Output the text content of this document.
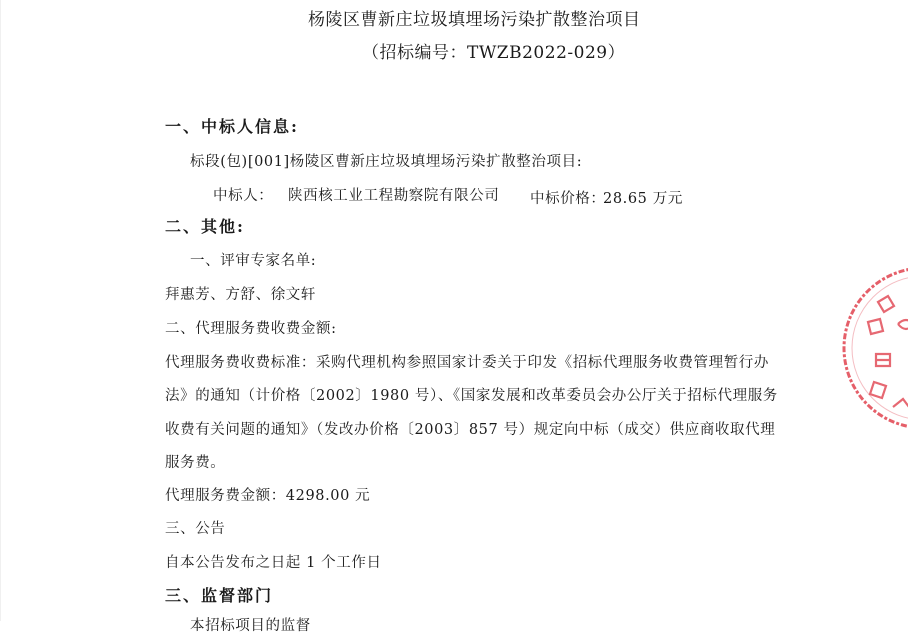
杨陵区曹新庄垃圾填埋场污染扩散整治项目
（招标编号：TWZB2022-029）
一、中标人信息:
标段(包)[001]杨陵区曹新庄垃圾填埋场污染扩散整治项目:
中标人： 陕西核工业工程勘察院有限公司 中标价格：
28.65 万元
二、其他:
一、评审专家名单:
拜惠芳、方舒、徐文轩
二、代理服务费收费金额:
代理服务费收费标准：采购代理机构参照国家计委关于印发《招标代理服务收费管理暂行办
法》的通知（计价格〔2002〕1980 号）、《国家发展和改革委员会办公厅关于招标代理服务
收费有关问题的通知》（发改办价格〔2003〕857 号）规定向中标（成交）供应商收取代理
服务费。
代理服务费金额：4298.00 元
三、公告
自本公告发布之日起 1 个工作日
三、监督部门
本招标项目的监督
